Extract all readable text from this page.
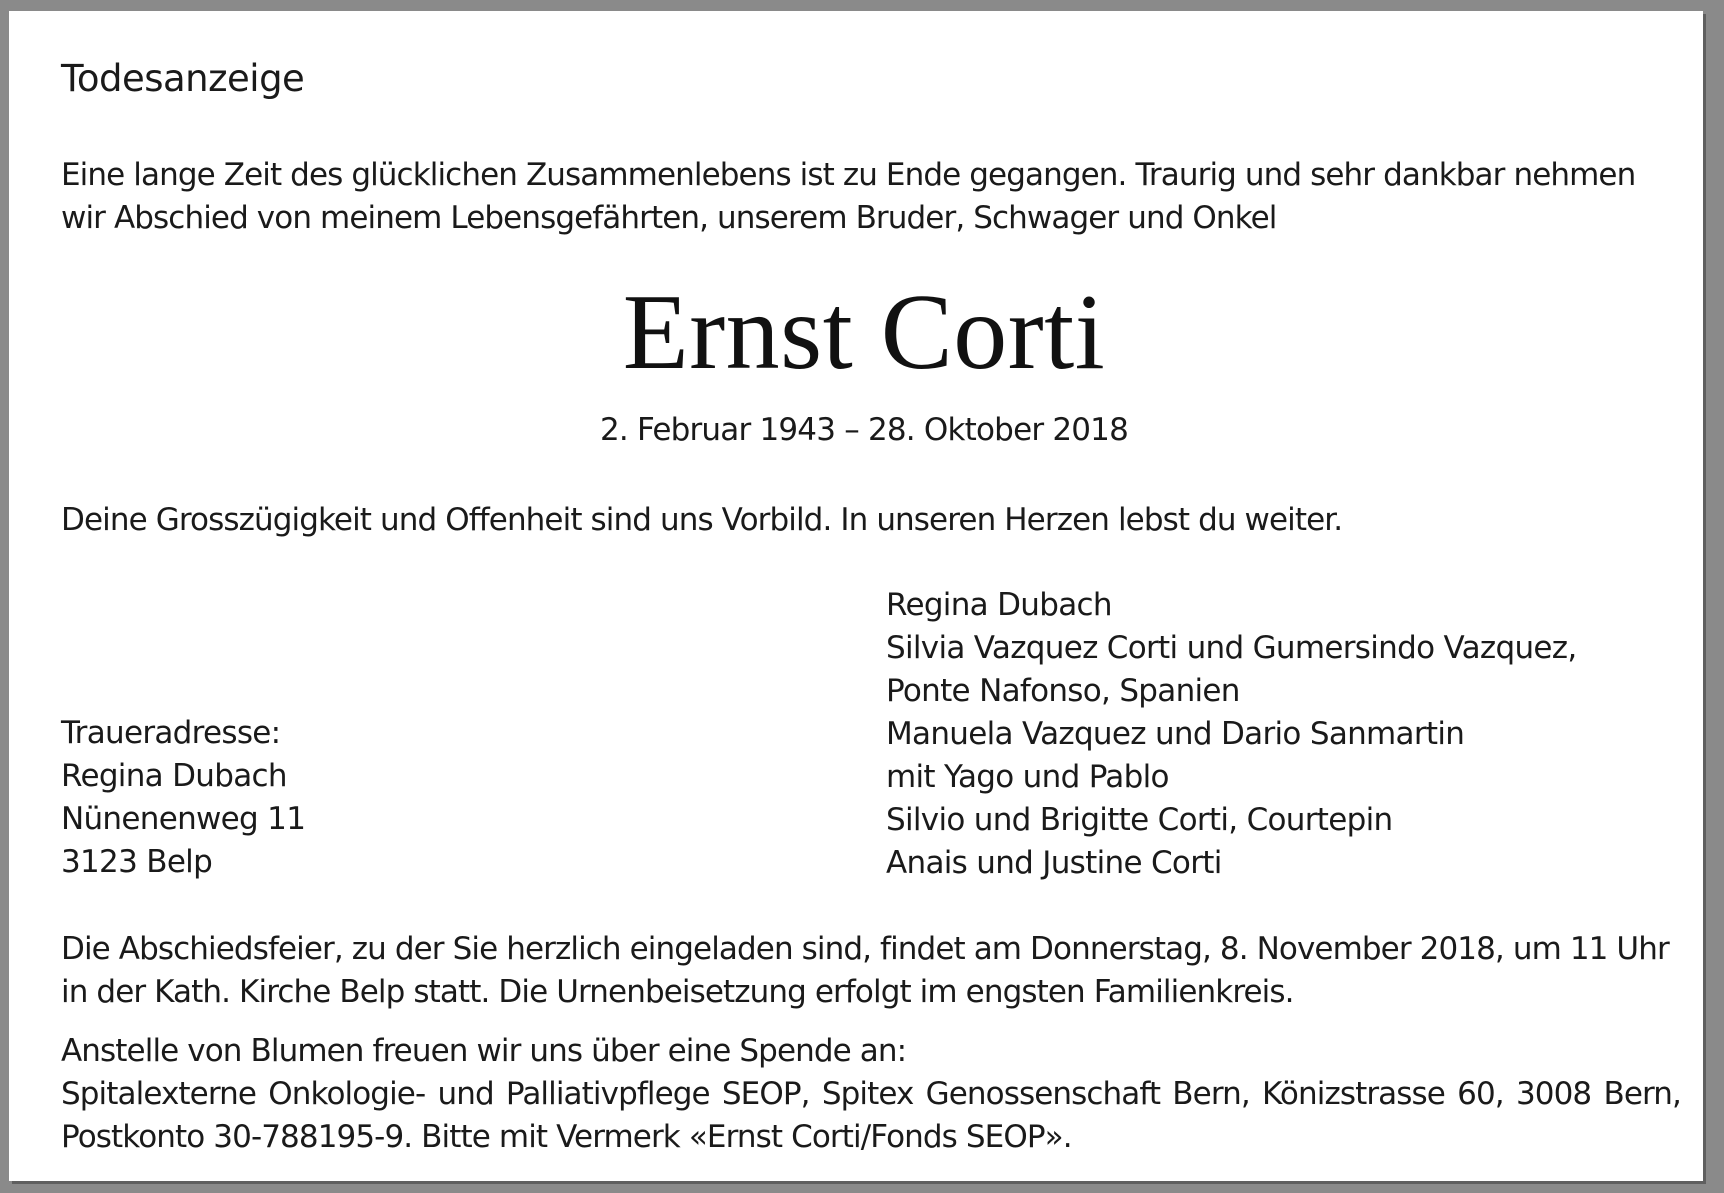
Todesanzeige
Eine lange Zeit des glücklichen Zusammenlebens ist zu Ende gegangen. Traurig und sehr dankbar nehmen wir Abschied von meinem Lebensgefährten, unserem Bruder, Schwager und Onkel
Ernst Corti
2. Februar 1943 – 28. Oktober 2018
Deine Grosszügigkeit und Offenheit sind uns Vorbild. In unseren Herzen lebst du weiter.
Regina Dubach
Silvia Vazquez Corti und Gumersindo Vazquez,
Ponte Nafonso, Spanien
Manuela Vazquez und Dario Sanmartin
mit Yago und Pablo
Silvio und Brigitte Corti, Courtepin
Anais und Justine Corti
Traueradresse:
Regina Dubach
Nünenenweg 11
3123 Belp
Die Abschiedsfeier, zu der Sie herzlich eingeladen sind, findet am Donnerstag, 8. November 2018, um 11 Uhr in der Kath. Kirche Belp statt. Die Urnenbeisetzung erfolgt im engsten Familienkreis.
Anstelle von Blumen freuen wir uns über eine Spende an:
Spitalexterne Onkologie- und Palliativpflege SEOP, Spitex Genossenschaft Bern, Könizstrasse 60, 3008 Bern, Postkonto 30-788195-9. Bitte mit Vermerk «Ernst Corti/Fonds SEOP».
